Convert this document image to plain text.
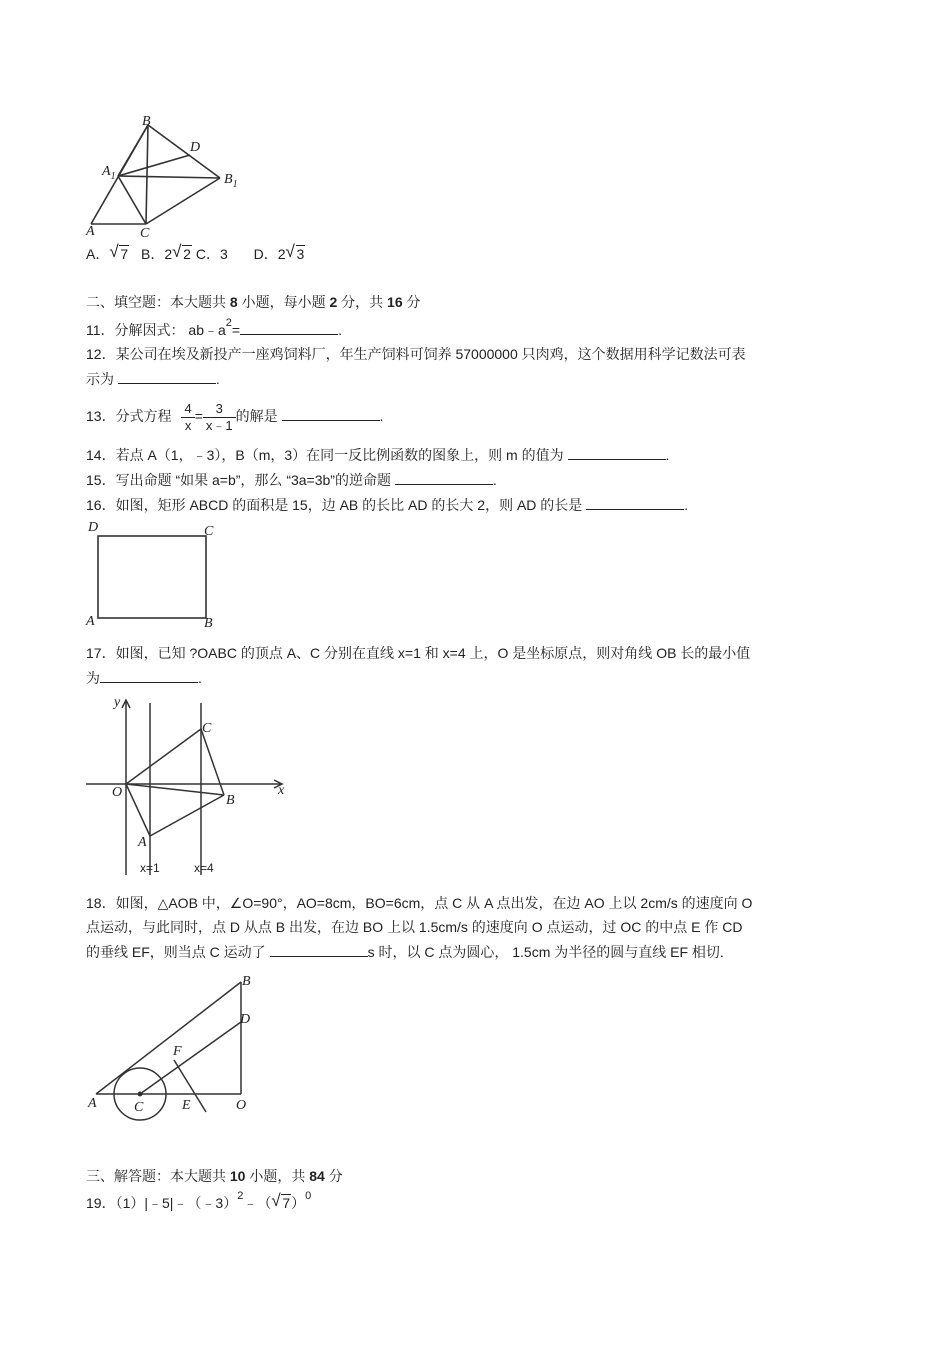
B
D
$A_1$	$B_1$
A	C
A． √ 7 B．2 √ 2 C．3 D．2 √ 3
二、填空题：本大题共 8 小题，每小题 2 分，共 16 分
11．分解因式： $ab﹣a^2=$	.
12．某公司在埃及新投产一座鸡饲料厂，年生产饲料可饲养 57000000 只肉鸡，这个数据用科学记数法可表
示为	.
13．分式方程 $\frac{4}{x} = \frac{3}{x﹣1}$ 的解是	.
14．若点 A（1，﹣3），B（m，3）在同一反比例函数的图象上，则 m 的值为	.
15．写出命题 “如果 a=b”，那么 “3a=3b”的逆命题	.
16．如图，矩形 ABCD 的面积是 15，边 AB 的长比 AD 的长大 2，则 AD 的长是	.
D	C
A	B
17．如图，已知 ?OABC 的顶点 A、C 分别在直线 x=1 和 x=4 上，O 是坐标原点，则对角线 OB 长的最小值
为	.
y
x
O
C
B
A
x=1	x=4
18．如图，△AOB 中，∠O=90°，AO=8cm，BO=6cm，点 C 从 A 点出发，在边 AO 上以 2cm/s 的速度向 O
点运动，与此同时，点 D 从点 B 出发，在边 BO 上以 1.5cm/s 的速度向 O 点运动，过 OC 的中点 E 作 CD
的垂线 EF，则当点 C 运动了	s 时，以 C 点为圆心， 1.5cm 为半径的圆与直线 EF 相切.
B
D
F
A	C	E	O
三、解答题：本大题共 10 小题，共 84 分
19．（1）|﹣5|﹣（﹣3）$^2$﹣（ √ 7）$^0$
